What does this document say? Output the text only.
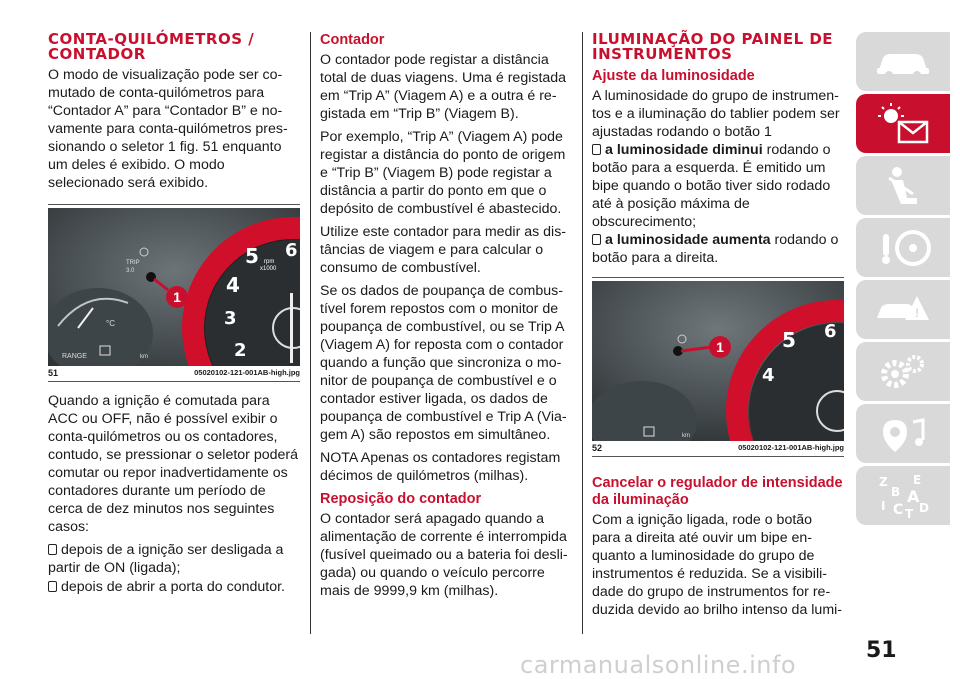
CONTA-QUILÓMETROS / CONTADOR

O modo de visualização pode ser co-mutado de conta-quilómetros para “Contador A” para “Contador B” e no-vamente para conta-quilómetros pres-sionando o seletor 1 fig. 51 enquanto um deles é exibido. O modo selecionado será exibido.

4
5 6
3
2
rpm
x1000
°C
RANGE	km
TRIP
3.0
1
51	05020102-121-001AB-high.jpg

Quando a ignição é comutada para ACC ou OFF, não é possível exibir o conta-quilómetros ou os contadores, contudo, se pressionar o seletor poderá comutar ou repor inadvertidamente os contadores durante um período de cerca de dez minutos nos seguintes casos:

depois de a ignição ser desligada a partir de ON (ligada);

depois de abrir a porta do condutor.

Contador

O contador pode registar a distância total de duas viagens. Uma é registada em “Trip A” (Viagem A) e a outra é re-gistada em “Trip B” (Viagem B).

Por exemplo, “Trip A” (Viagem A) pode registar a distância do ponto de origem e “Trip B” (Viagem B) pode registar a distância a partir do ponto em que o depósito de combustível é abastecido.

Utilize este contador para medir as dis-tâncias de viagem e para calcular o consumo de combustível.

Se os dados de poupança de combus-tível forem repostos com o monitor de poupança de combustível, ou se Trip A (Viagem A) for reposta com o contador quando a função que sincroniza o mo-nitor de poupança de combustível e o contador estiver ligada, os dados de poupança de combustível e Trip A (Via-gem A) são repostos em simultâneo.

NOTA Apenas os contadores registam décimos de quilómetros (milhas).

Reposição do contador

O contador será apagado quando a alimentação de corrente é interrompida (fusível queimado ou a bateria foi desli-gada) ou quando o veículo percorre mais de 9999,9 km (milhas).

ILUMINAÇÃO DO PAINEL DE INSTRUMENTOS
Ajuste da luminosidade

A luminosidade do grupo de instrumen-tos e a iluminação do tablier podem ser ajustadas rodando o botão 1

a luminosidade diminui rodando o botão para a esquerda. É emitido um bipe quando o botão tiver sido rodado até à posição máxima de obscurecimento;

a luminosidade aumenta rodando o botão para a direita.

5 6
4
km
1
52	05020102-121-001AB-high.jpg
Cancelar o regulador de intensidade da iluminação

Com a ignição ligada, rode o botão para a direita até ouvir um bipe en-quanto a luminosidade do grupo de instrumentos é reduzida. Se a visibili-dade do grupo de instrumentos for re-duzida devido ao brilho intenso da lumi-

!
Z
B
E
A
I C T D
51
carmanualsonline.info
